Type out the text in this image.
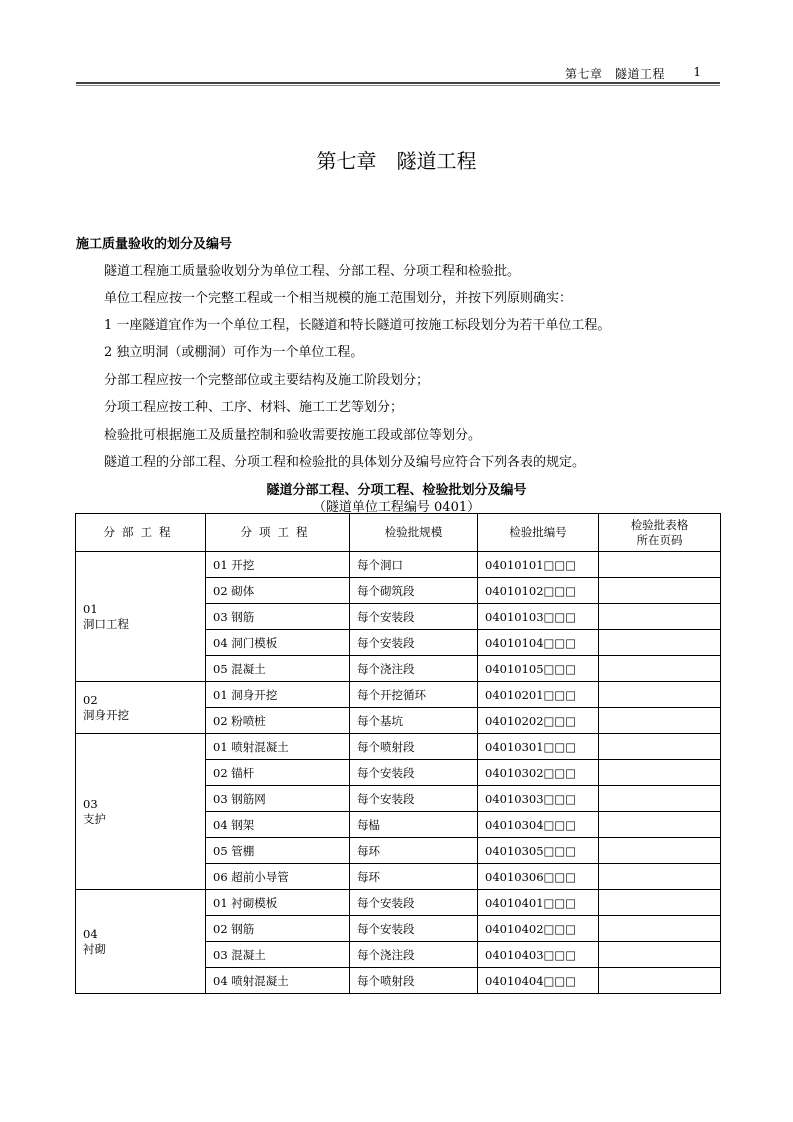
第七章　隧道工程 1
第七章　隧道工程
施工质量验收的划分及编号
隧道工程施工质量验收划分为单位工程、分部工程、分项工程和检验批。
单位工程应按一个完整工程或一个相当规模的施工范围划分，并按下列原则确实：
1 一座隧道宜作为一个单位工程，长隧道和特长隧道可按施工标段划分为若干单位工程。
2 独立明洞（或棚洞）可作为一个单位工程。
分部工程应按一个完整部位或主要结构及施工阶段划分；
分项工程应按工种、工序、材料、施工工艺等划分；
检验批可根据施工及质量控制和验收需要按施工段或部位等划分。
隧道工程的分部工程、分项工程和检验批的具体划分及编号应符合下列各表的规定。
隧道分部工程、分项工程、检验批划分及编号
（隧道单位工程编号 0401）
分部工程	分项工程	检验批规模	检验批编号	检验批表格
所在页码
01
洞口工程	01 开挖	每个洞口	04010101□□□	
	02 砌体	每个砌筑段	04010102□□□	
	03 钢筋	每个安装段	04010103□□□	
	04 洞门模板	每个安装段	04010104□□□	
	05 混凝土	每个浇注段	04010105□□□	
02
洞身开挖	01 洞身开挖	每个开挖循环	04010201□□□	
	02 粉喷桩	每个基坑	04010202□□□	
03
支护	01 喷射混凝土	每个喷射段	04010301□□□	
	02 锚杆	每个安装段	04010302□□□	
	03 钢筋网	每个安装段	04010303□□□	
	04 钢架	每榀	04010304□□□	
	05 管棚	每环	04010305□□□	
	06 超前小导管	每环	04010306□□□	
04
衬砌	01 衬砌模板	每个安装段	04010401□□□	
	02 钢筋	每个安装段	04010402□□□	
	03 混凝土	每个浇注段	04010403□□□	
	04 喷射混凝土	每个喷射段	04010404□□□	
